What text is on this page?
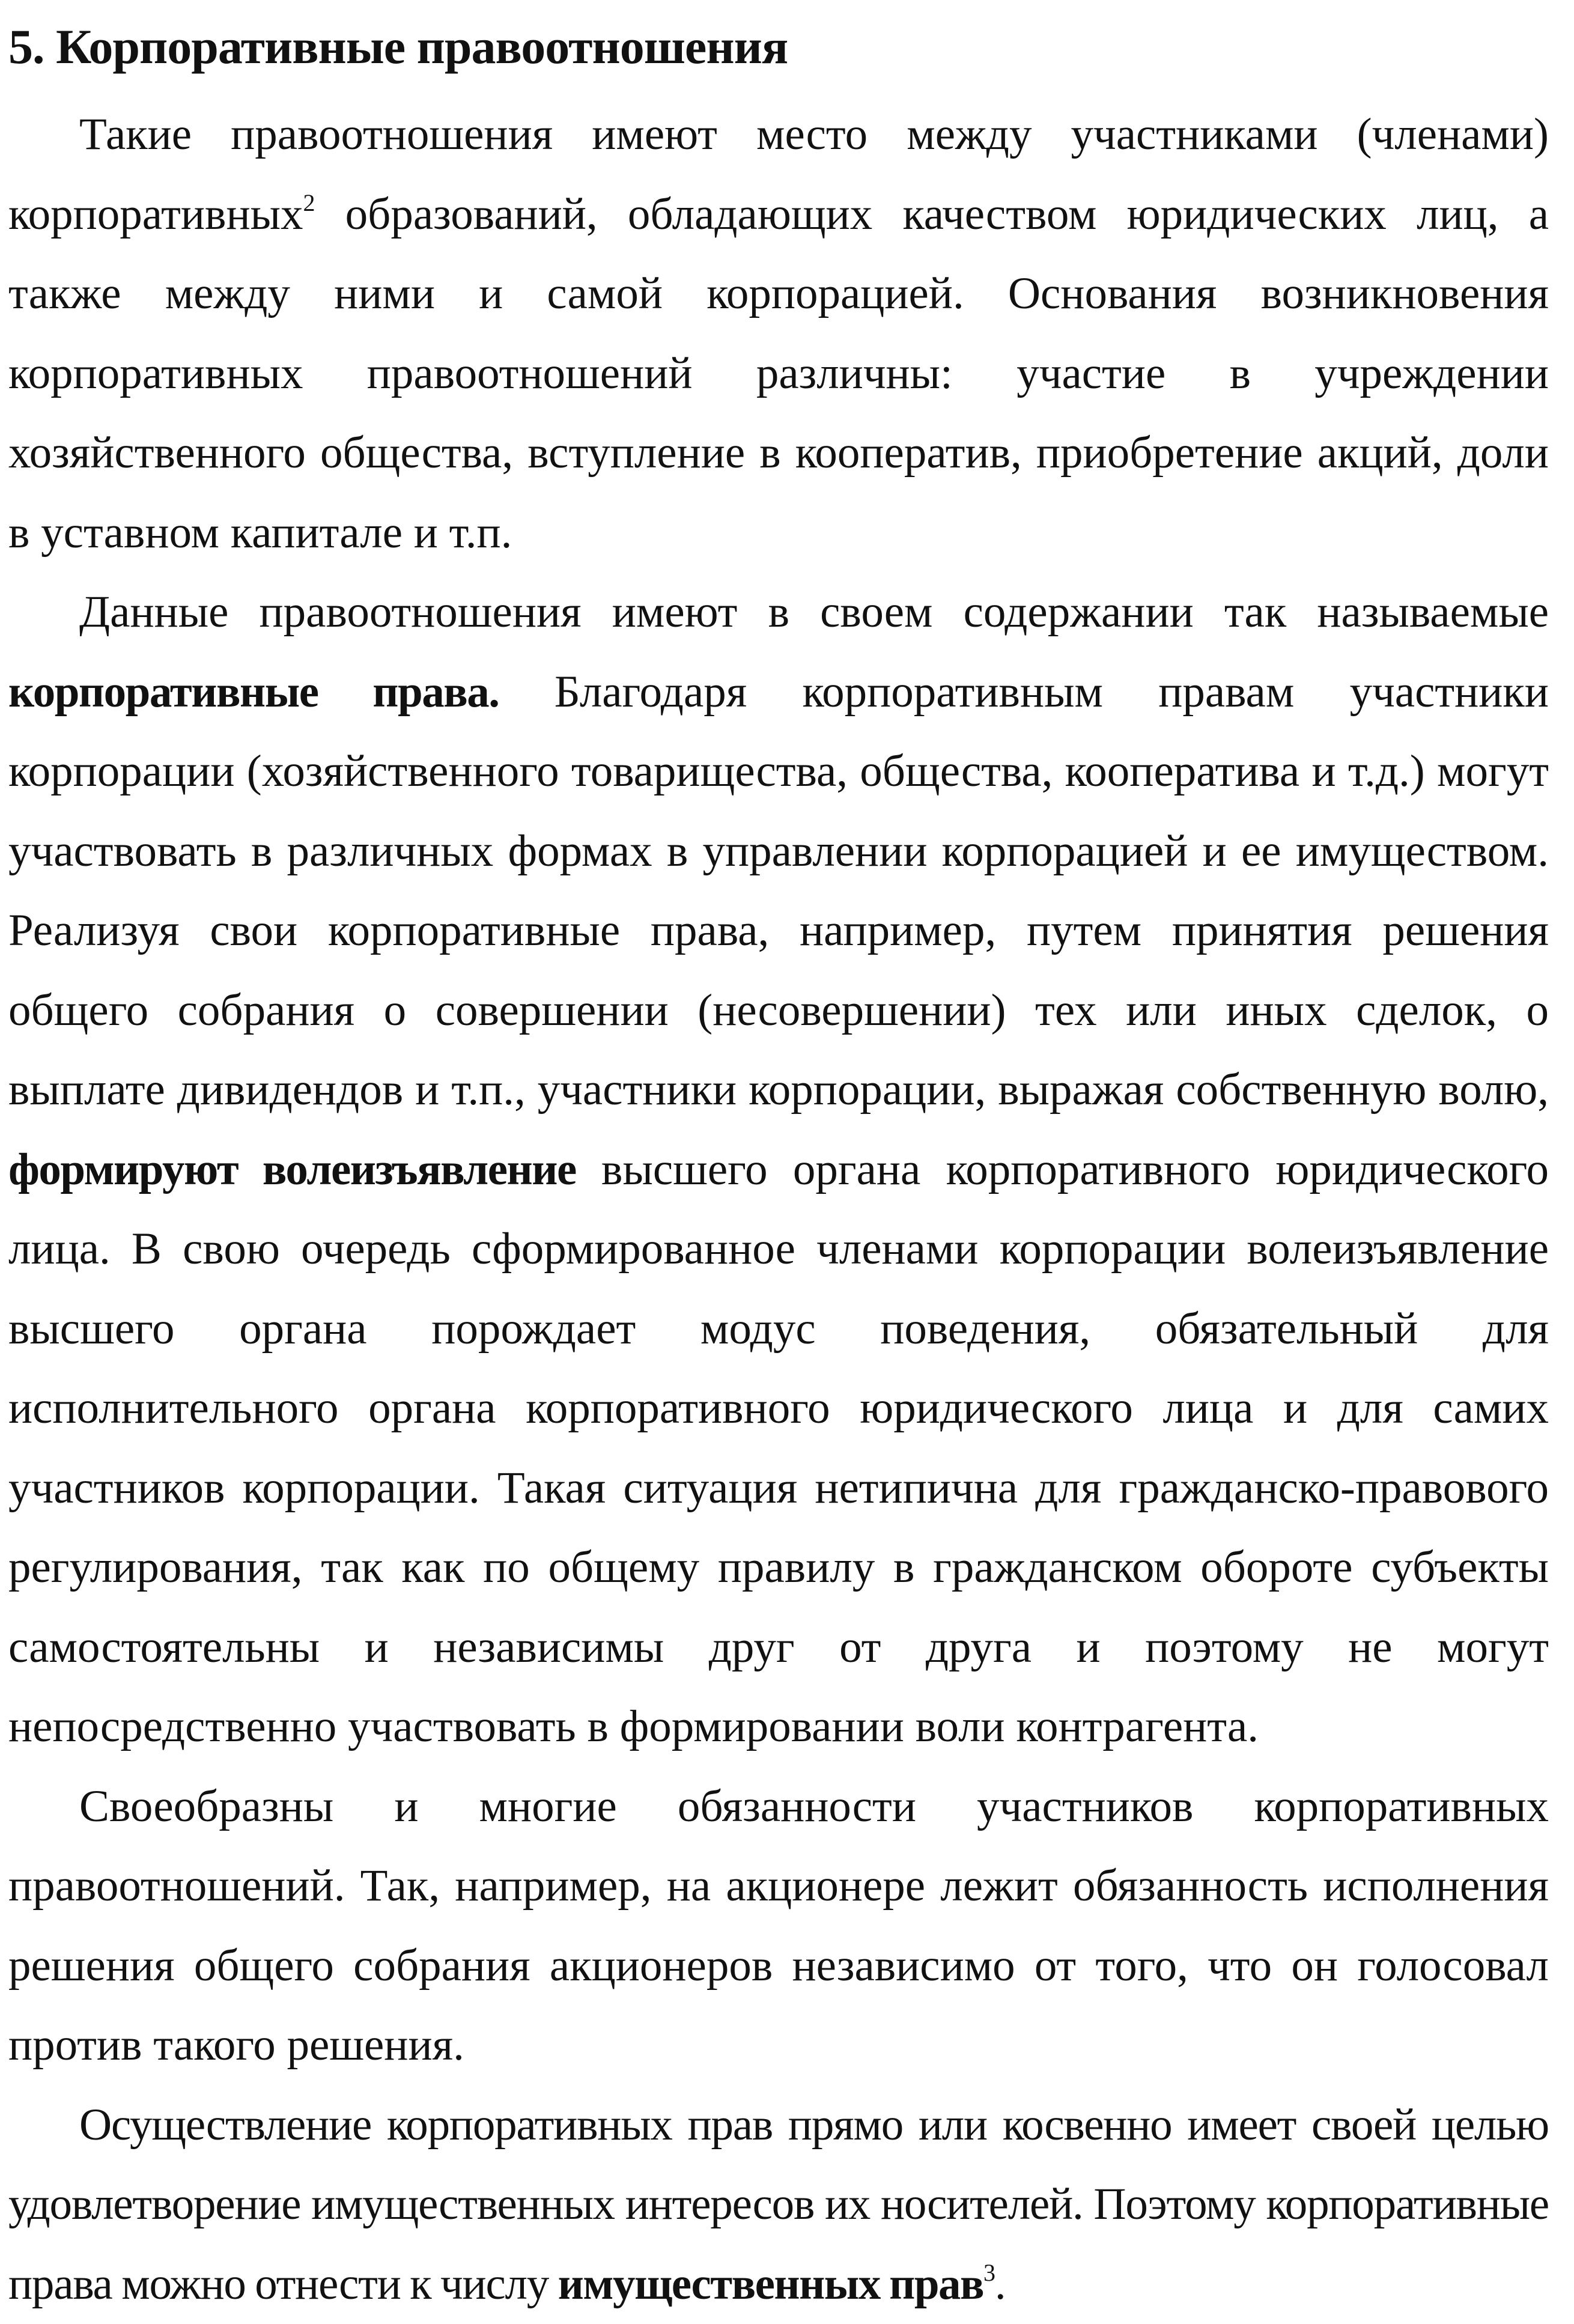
5. Корпоративные правоотношения

Такие правоотношения имеют место между участниками (членами) корпоративных$^2$ образований, обладающих качеством юридических лиц, а также между ними и самой корпорацией. Основания возникновения корпоративных правоотношений различны: участие в учреждении хозяйственного общества, вступление в кооператив, приобретение акций, доли в уставном капитале и т.п.

Данные правоотношения имеют в своем содержании так называемые корпоративные права. Благодаря корпоративным правам участники корпорации (хозяйственного товарищества, общества, кооператива и т.д.) могут участвовать в различных формах в управлении корпорацией и ее имуществом. Реализуя свои корпоративные права, например, путем принятия решения общего собрания о совершении (несовершении) тех или иных сделок, о выплате дивидендов и т.п., участники корпорации, выражая собственную волю, формируют волеизъявление высшего органа корпоративного юридического лица. В свою очередь сформированное членами корпорации волеизъявление высшего органа порождает модус поведения, обязательный для исполнительного органа корпоративного юридического лица и для самих участников корпорации. Такая ситуация нетипична для гражданско-правового регулирования, так как по общему правилу в гражданском обороте субъекты самостоятельны и независимы друг от друга и поэтому не могут непосредственно участвовать в формировании воли контрагента.

Своеобразны и многие обязанности участников корпоративных правоотношений. Так, например, на акционере лежит обязанность исполнения решения общего собрания акционеров независимо от того, что он голосовал против такого решения.

Осуществление корпоративных прав прямо или косвенно имеет своей целью удовлетворение имущественных интересов их носителей. Поэтому корпоративные права можно отнести к числу имущественных прав$^3$.
